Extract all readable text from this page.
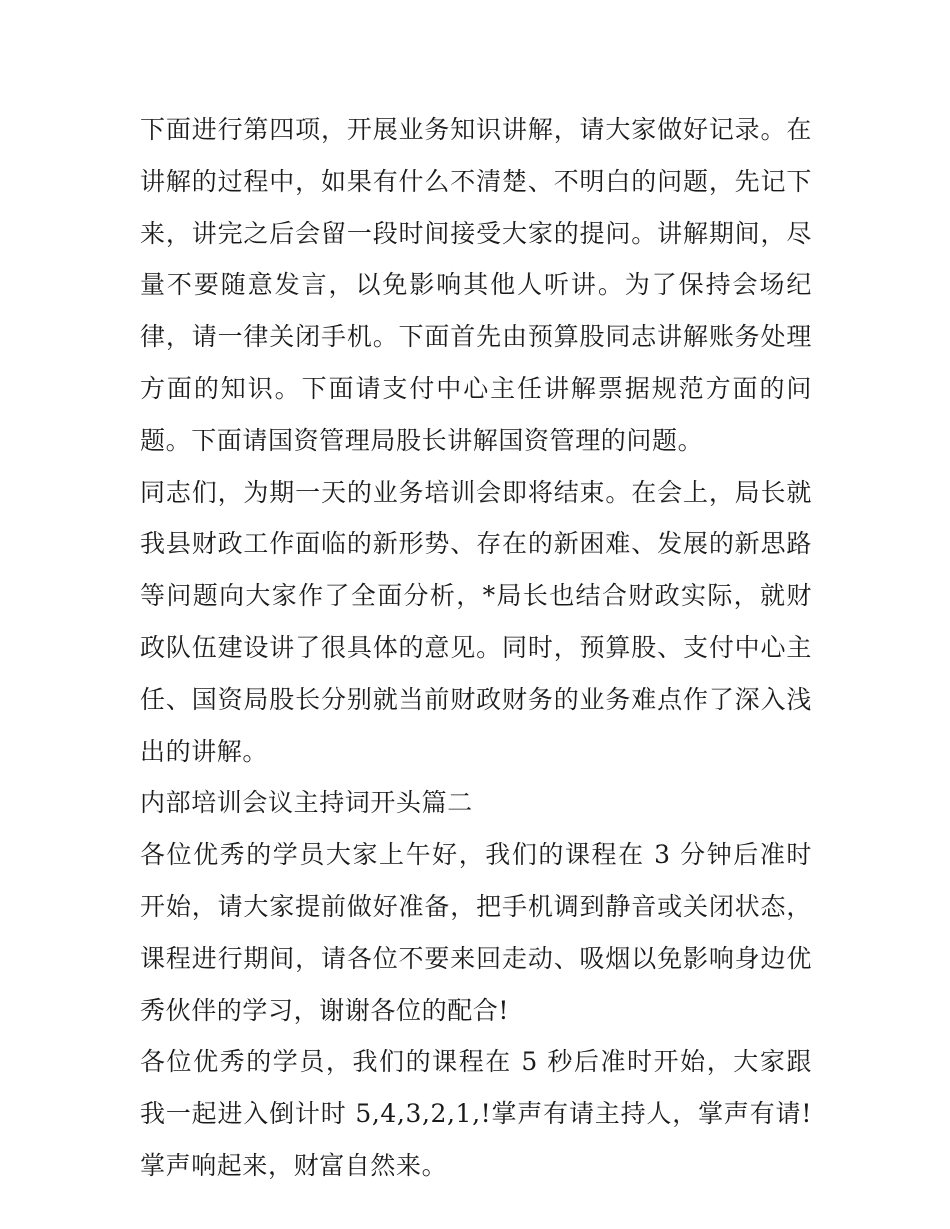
下面进行第四项，开展业务知识讲解，请大家做好记录。在讲解的过程中，如果有什么不清楚、不明白的问题，先记下来，讲完之后会留一段时间接受大家的提问。讲解期间，尽量不要随意发言，以免影响其他人听讲。为了保持会场纪律，请一律关闭手机。下面首先由预算股同志讲解账务处理方面的知识。下面请支付中心主任讲解票据规范方面的问题。下面请国资管理局股长讲解国资管理的问题。

同志们，为期一天的业务培训会即将结束。在会上，局长就我县财政工作面临的新形势、存在的新困难、发展的新思路等问题向大家作了全面分析，*局长也结合财政实际，就财政队伍建设讲了很具体的意见。同时，预算股、支付中心主任、国资局股长分别就当前财政财务的业务难点作了深入浅出的讲解。

内部培训会议主持词开头篇二

各位优秀的学员大家上午好，我们的课程在 3 分钟后准时开始，请大家提前做好准备，把手机调到静音或关闭状态，课程进行期间，请各位不要来回走动、吸烟以免影响身边优秀伙伴的学习，谢谢各位的配合!

各位优秀的学员，我们的课程在 5 秒后准时开始，大家跟我一起进入倒计时 5,4,3,2,1,!掌声有请主持人，掌声有请! 掌声响起来，财富自然来。
